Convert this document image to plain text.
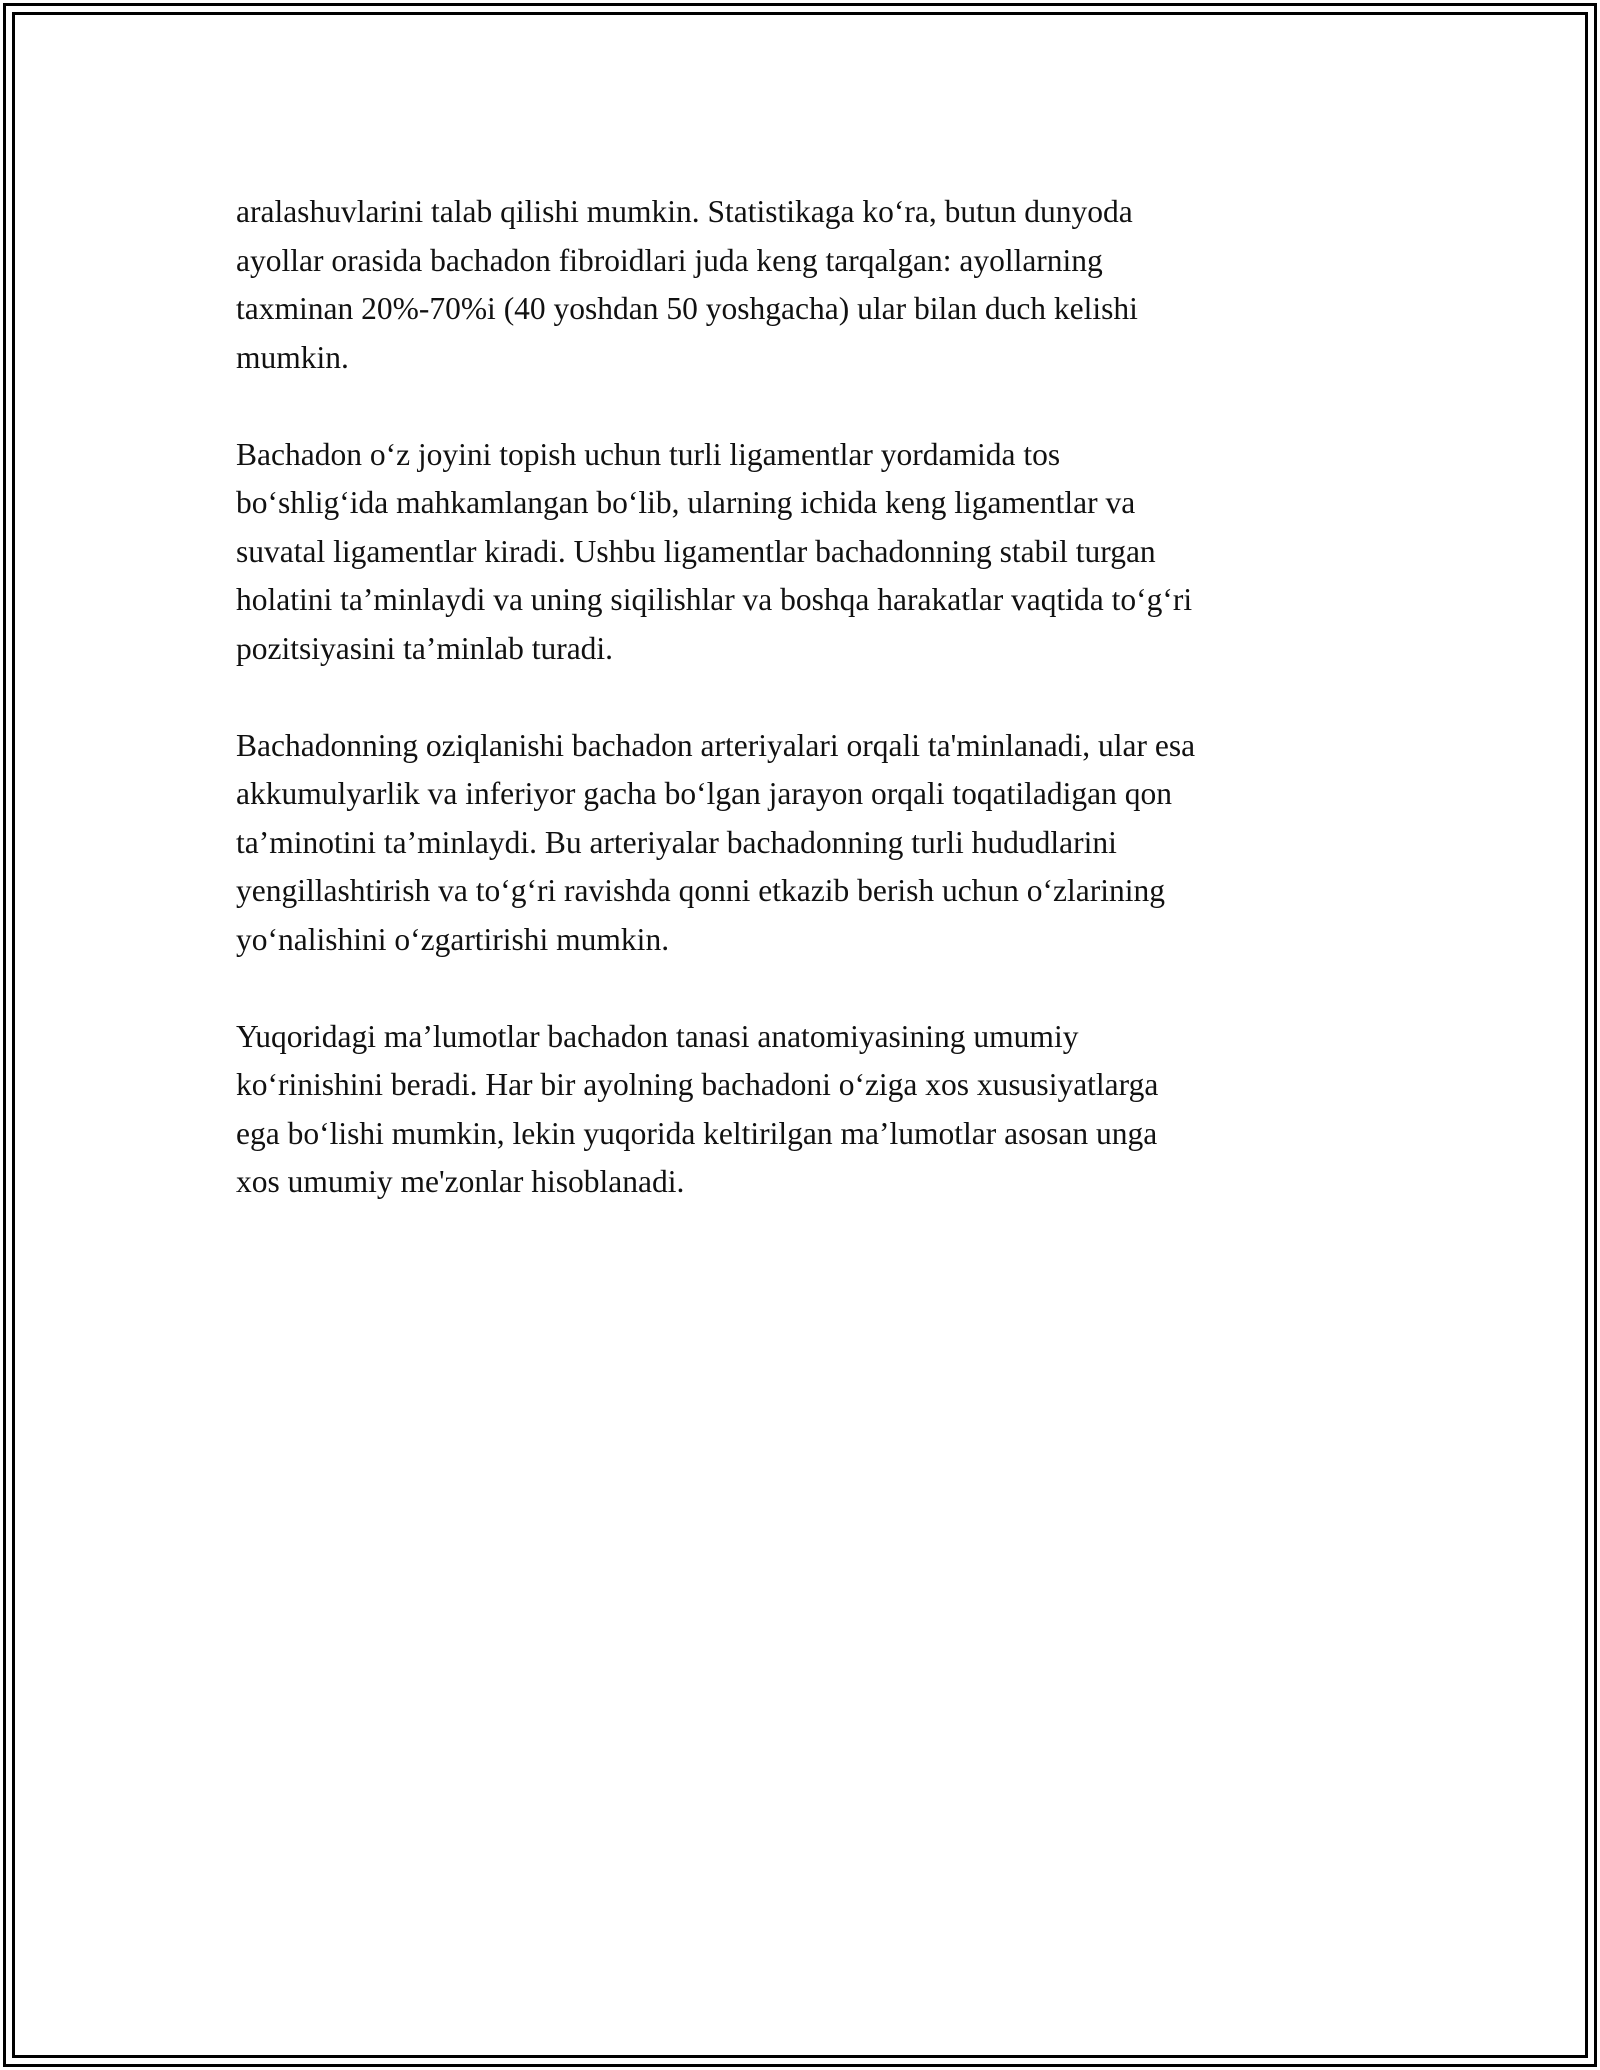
aralashuvlarini talab qilishi mumkin. Statistikaga ko‘ra, butun dunyoda
ayollar orasida bachadon fibroidlari juda keng tarqalgan: ayollarning
taxminan 20%-70%i (40 yoshdan 50 yoshgacha) ular bilan duch kelishi
mumkin.

Bachadon o‘z joyini topish uchun turli ligamentlar yordamida tos
bo‘shlig‘ida mahkamlangan bo‘lib, ularning ichida keng ligamentlar va
suvatal ligamentlar kiradi. Ushbu ligamentlar bachadonning stabil turgan
holatini ta’minlaydi va uning siqilishlar va boshqa harakatlar vaqtida to‘g‘ri
pozitsiyasini ta’minlab turadi.

Bachadonning oziqlanishi bachadon arteriyalari orqali ta'minlanadi, ular esa
akkumulyarlik va inferiyor gacha bo‘lgan jarayon orqali toqatiladigan qon
ta’minotini ta’minlaydi. Bu arteriyalar bachadonning turli hududlarini
yengillashtirish va to‘g‘ri ravishda qonni etkazib berish uchun o‘zlarining
yo‘nalishini o‘zgartirishi mumkin.

Yuqoridagi ma’lumotlar bachadon tanasi anatomiyasining umumiy
ko‘rinishini beradi. Har bir ayolning bachadoni o‘ziga xos xususiyatlarga
ega bo‘lishi mumkin, lekin yuqorida keltirilgan ma’lumotlar asosan unga
xos umumiy me'zonlar hisoblanadi.
